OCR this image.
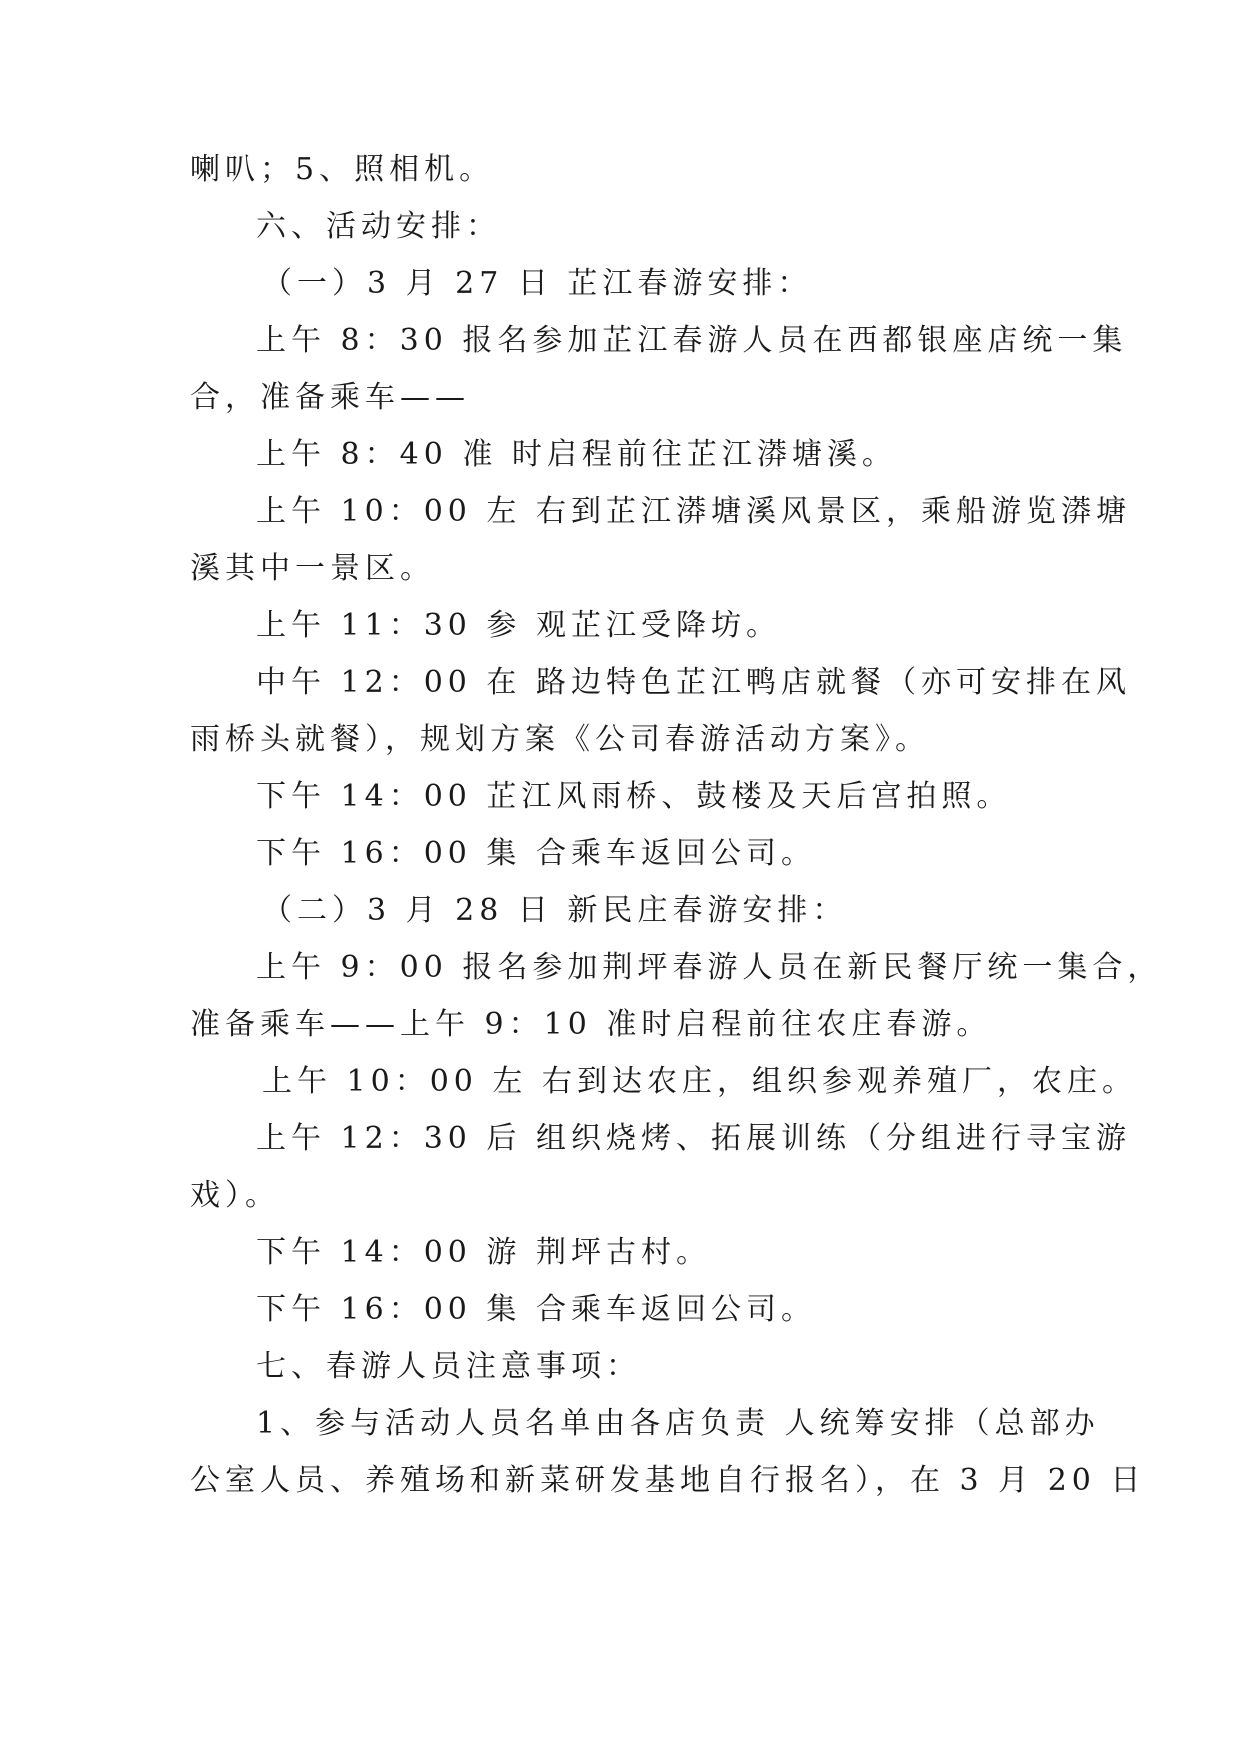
喇叭；5、照相机。
六、活动安排：
（一）3 月 27 日 芷江春游安排：
上午 8：30 报名参加芷江春游人员在西都银座店统一集
合，准备乘车——
上午 8：40 准 时启程前往芷江漭塘溪。
上午 10：00 左 右到芷江漭塘溪风景区，乘船游览漭塘
溪其中一景区。
上午 11：30 参 观芷江受降坊。
中午 12：00 在 路边特色芷江鸭店就餐（亦可安排在风
雨桥头就餐），规划方案《公司春游活动方案》。
下午 14：00 芷江风雨桥、鼓楼及天后宫拍照。
下午 16：00 集 合乘车返回公司。
（二）3 月 28 日 新民庄春游安排：
上午 9：00 报名参加荆坪春游人员在新民餐厅统一集合，
准备乘车——上午 9：10 准时启程前往农庄春游。
上午 10：00 左 右到达农庄，组织参观养殖厂，农庄。
上午 12：30 后 组织烧烤、拓展训练（分组进行寻宝游
戏）。
下午 14：00 游 荆坪古村。
下午 16：00 集 合乘车返回公司。
七、春游人员注意事项：
1、参与活动人员名单由各店负责 人统筹安排（总部办
公室人员、养殖场和新菜研发基地自行报名），在 3 月 20 日
